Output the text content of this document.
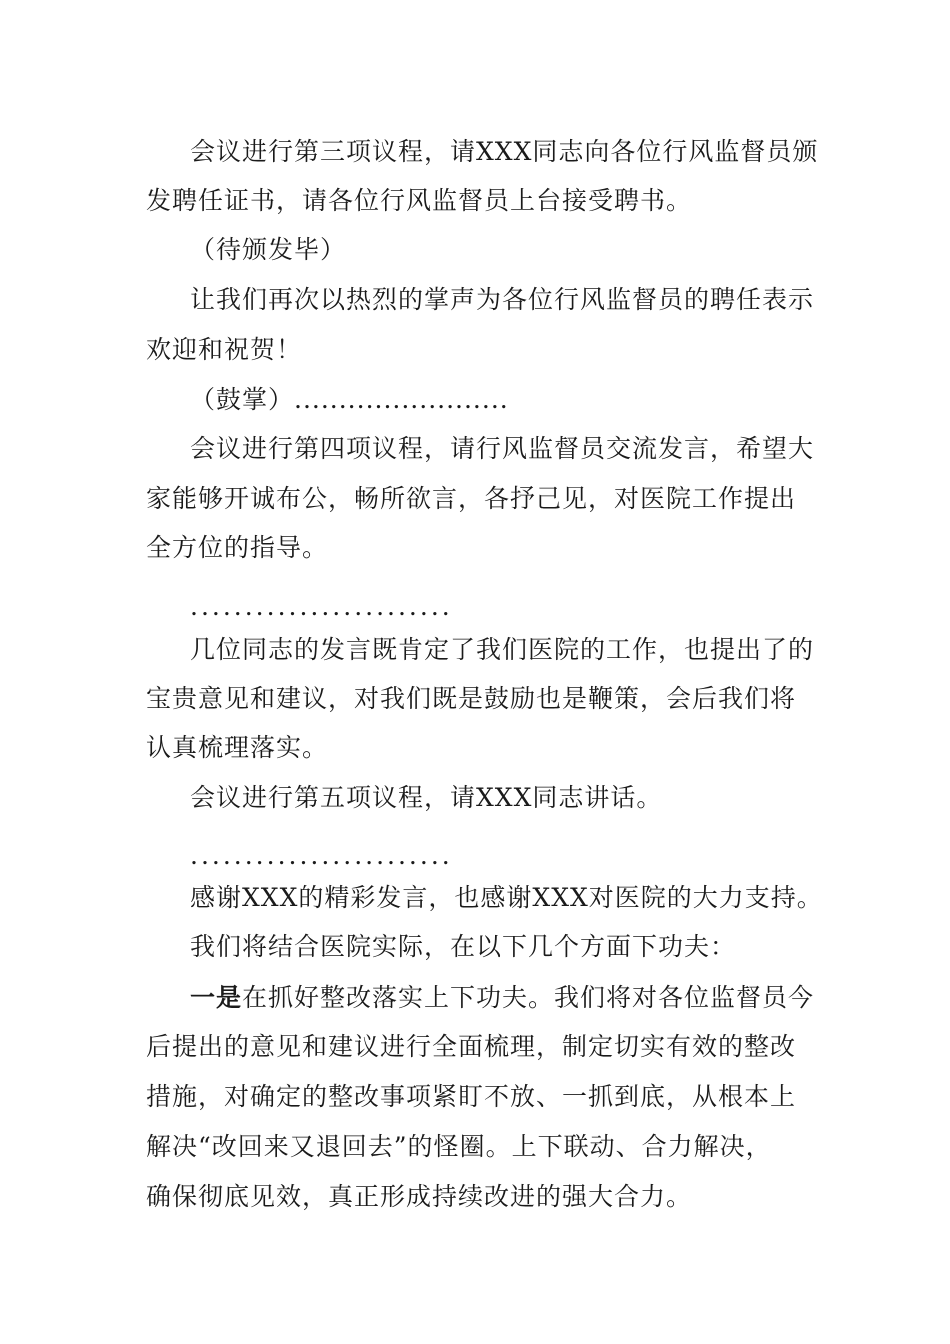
会议进行第三项议程，请XXX同志向各位行风监督员颁
发聘任证书，请各位行风监督员上台接受聘书。
（待颁发毕）
让我们再次以热烈的掌声为各位行风监督员的聘任表示
欢迎和祝贺！
（鼓掌）........................
会议进行第四项议程，请行风监督员交流发言，希望大
家能够开诚布公，畅所欲言，各抒己见，对医院工作提出
全方位的指导。
........................
几位同志的发言既肯定了我们医院的工作，也提出了的
宝贵意见和建议，对我们既是鼓励也是鞭策，会后我们将
认真梳理落实。
会议进行第五项议程，请XXX同志讲话。
........................
感谢XXX的精彩发言，也感谢XXX对医院的大力支持。
我们将结合医院实际，在以下几个方面下功夫：
一是在抓好整改落实上下功夫。我们将对各位监督员今
后提出的意见和建议进行全面梳理，制定切实有效的整改
措施，对确定的整改事项紧盯不放、一抓到底，从根本上
解决“改回来又退回去”的怪圈。上下联动、合力解决，
确保彻底见效，真正形成持续改进的强大合力。
